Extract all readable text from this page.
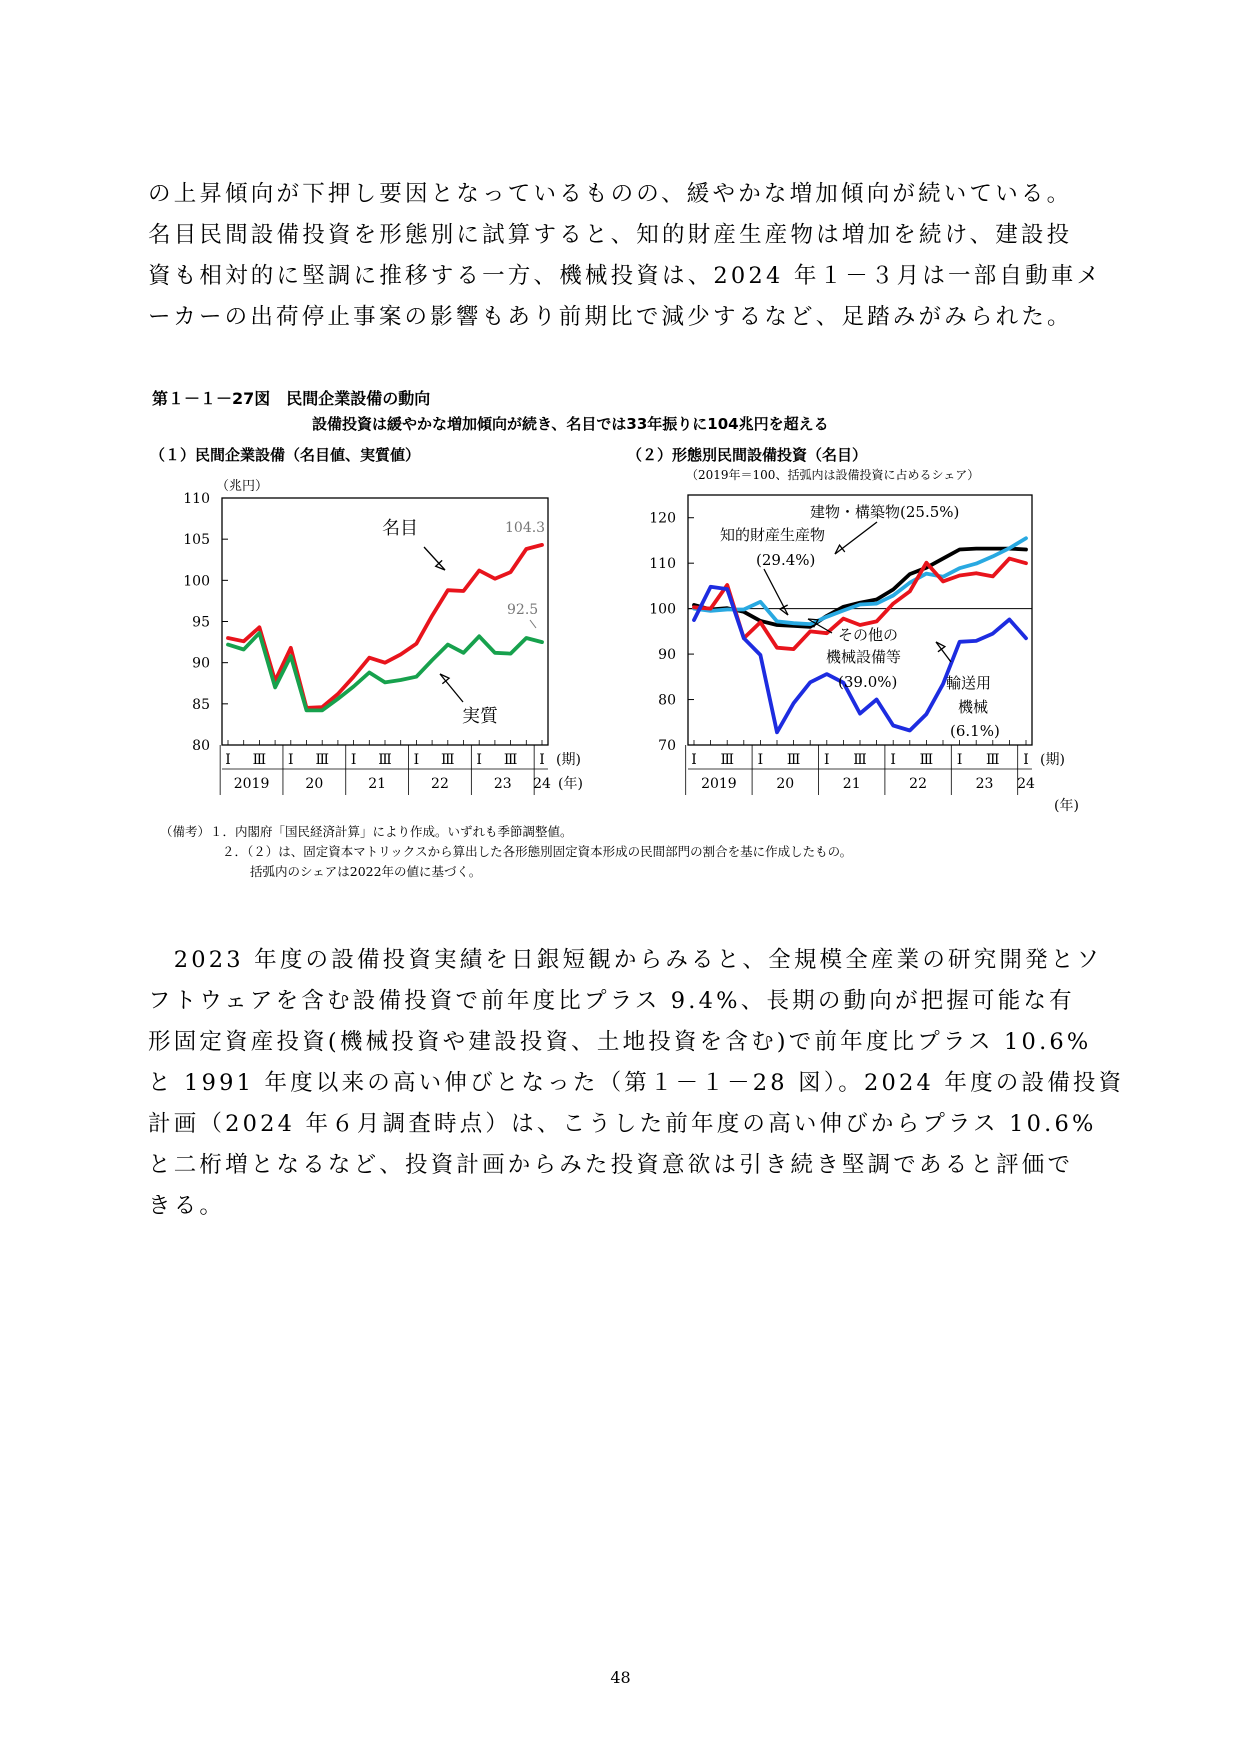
の上昇傾向が下押し要因となっているものの、緩やかな増加傾向が続いている。

名目民間設備投資を形態別に試算すると、知的財産生産物は増加を続け、建設投

資も相対的に堅調に推移する一方、機械投資は、2024 年１－３月は一部自動車メ

ーカーの出荷停止事案の影響もあり前期比で減少するなど、足踏みがみられた。

第１－１－27図　民間企業設備の動向
設備投資は緩やかな増加傾向が続き、名目では33年振りに104兆円を超える
（１）民間企業設備（名目値、実質値）	（２）形態別民間設備投資（名目）
80
85
90
95
100
105
110
（兆円）
Ⅰ Ⅲ Ⅰ Ⅲ Ⅰ Ⅲ Ⅰ Ⅲ Ⅰ Ⅲ Ⅰ
2019	20	21	22	23 24
(期)
(年)
名目
実質
104.3
92.5
（2019年＝100、括弧内は設備投資に占めるシェア）
70
80
90
100
110
120
Ⅰ Ⅲ Ⅰ Ⅲ Ⅰ Ⅲ Ⅰ Ⅲ Ⅰ Ⅲ Ⅰ
2019	20	21	22	23 24
(期)
(年)
建物・構築物(25.5%)
知的財産生産物
(29.4%)
その他の
機械設備等
(39.0%)	輸送用
機械
(6.1%)
（備考）１．内閣府「国民経済計算」により作成。いずれも季節調整値。
２．（２）は、固定資本マトリックスから算出した各形態別固定資本形成の民間部門の割合を基に作成したもの。
括弧内のシェアは2022年の値に基づく。

　2023 年度の設備投資実績を日銀短観からみると、全規模全産業の研究開発とソ

フトウェアを含む設備投資で前年度比プラス 9.4%、長期の動向が把握可能な有

形固定資産投資(機械投資や建設投資、土地投資を含む)で前年度比プラス 10.6%

と 1991 年度以来の高い伸びとなった（第１－１－28 図）。2024 年度の設備投資

計画（2024 年６月調査時点）は、こうした前年度の高い伸びからプラス 10.6%

と二桁増となるなど、投資計画からみた投資意欲は引き続き堅調であると評価で

きる。

48
